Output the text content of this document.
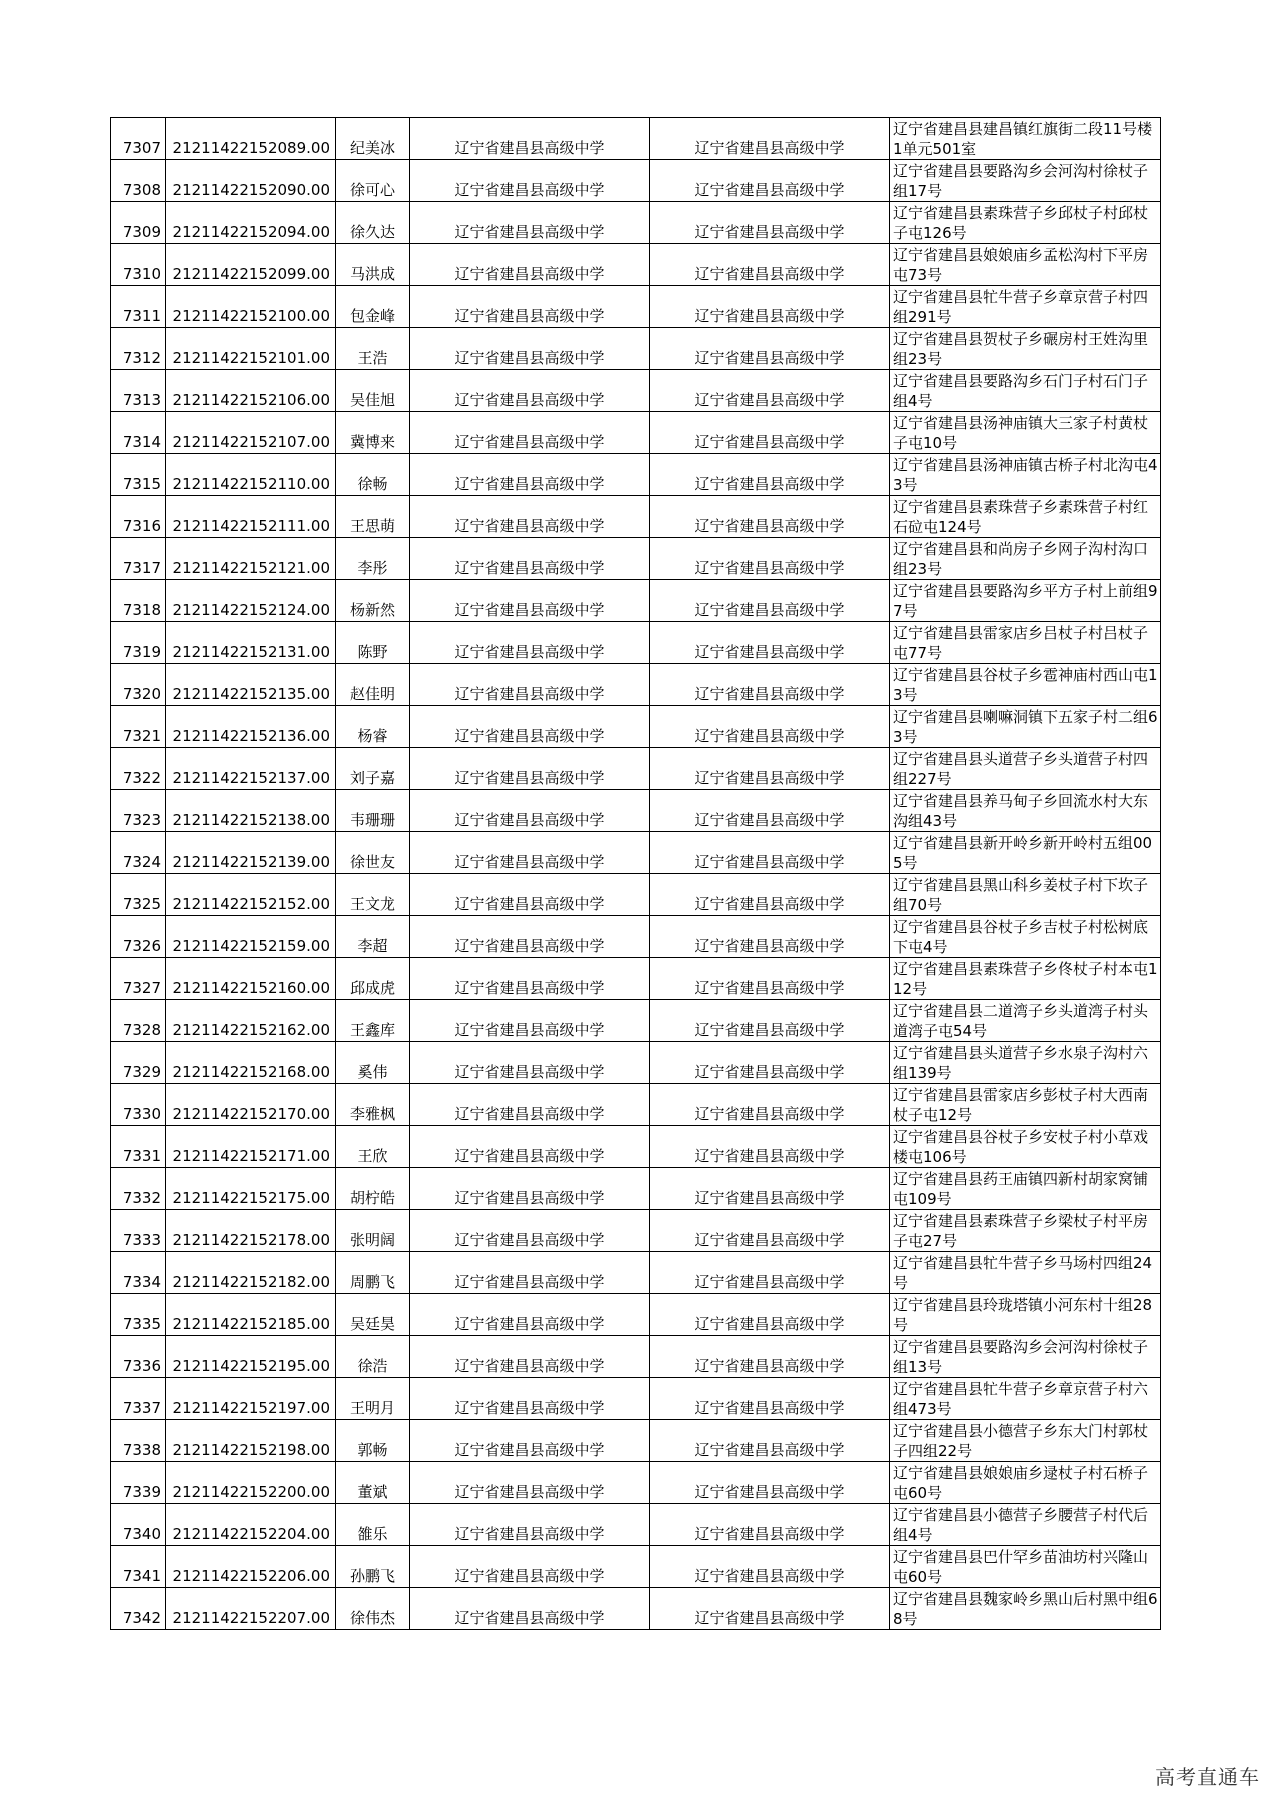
7307	21211422152089.00	纪美冰	辽宁省建昌县高级中学	辽宁省建昌县高级中学	辽宁省建昌县建昌镇红旗街二段11号楼1单元501室
7308	21211422152090.00	徐可心	辽宁省建昌县高级中学	辽宁省建昌县高级中学	辽宁省建昌县要路沟乡会河沟村徐杖子组17号
7309	21211422152094.00	徐久达	辽宁省建昌县高级中学	辽宁省建昌县高级中学	辽宁省建昌县素珠营子乡邱杖子村邱杖子屯126号
7310	21211422152099.00	马洪成	辽宁省建昌县高级中学	辽宁省建昌县高级中学	辽宁省建昌县娘娘庙乡孟松沟村下平房屯73号
7311	21211422152100.00	包金峰	辽宁省建昌县高级中学	辽宁省建昌县高级中学	辽宁省建昌县牤牛营子乡章京营子村四组291号
7312	21211422152101.00	王浩	辽宁省建昌县高级中学	辽宁省建昌县高级中学	辽宁省建昌县贺杖子乡碾房村王姓沟里组23号
7313	21211422152106.00	吴佳旭	辽宁省建昌县高级中学	辽宁省建昌县高级中学	辽宁省建昌县要路沟乡石门子村石门子组4号
7314	21211422152107.00	冀博来	辽宁省建昌县高级中学	辽宁省建昌县高级中学	辽宁省建昌县汤神庙镇大三家子村黄杖子屯10号
7315	21211422152110.00	徐畅	辽宁省建昌县高级中学	辽宁省建昌县高级中学	辽宁省建昌县汤神庙镇古桥子村北沟屯43号
7316	21211422152111.00	王思萌	辽宁省建昌县高级中学	辽宁省建昌县高级中学	辽宁省建昌县素珠营子乡素珠营子村红石砬屯124号
7317	21211422152121.00	李彤	辽宁省建昌县高级中学	辽宁省建昌县高级中学	辽宁省建昌县和尚房子乡网子沟村沟口组23号
7318	21211422152124.00	杨新然	辽宁省建昌县高级中学	辽宁省建昌县高级中学	辽宁省建昌县要路沟乡平方子村上前组97号
7319	21211422152131.00	陈野	辽宁省建昌县高级中学	辽宁省建昌县高级中学	辽宁省建昌县雷家店乡吕杖子村吕杖子屯77号
7320	21211422152135.00	赵佳明	辽宁省建昌县高级中学	辽宁省建昌县高级中学	辽宁省建昌县谷杖子乡雹神庙村西山屯13号
7321	21211422152136.00	杨睿	辽宁省建昌县高级中学	辽宁省建昌县高级中学	辽宁省建昌县喇嘛洞镇下五家子村二组63号
7322	21211422152137.00	刘子嘉	辽宁省建昌县高级中学	辽宁省建昌县高级中学	辽宁省建昌县头道营子乡头道营子村四组227号
7323	21211422152138.00	韦珊珊	辽宁省建昌县高级中学	辽宁省建昌县高级中学	辽宁省建昌县养马甸子乡回流水村大东沟组43号
7324	21211422152139.00	徐世友	辽宁省建昌县高级中学	辽宁省建昌县高级中学	辽宁省建昌县新开岭乡新开岭村五组005号
7325	21211422152152.00	王文龙	辽宁省建昌县高级中学	辽宁省建昌县高级中学	辽宁省建昌县黑山科乡姜杖子村下坎子组70号
7326	21211422152159.00	李超	辽宁省建昌县高级中学	辽宁省建昌县高级中学	辽宁省建昌县谷杖子乡吉杖子村松树底下屯4号
7327	21211422152160.00	邱成虎	辽宁省建昌县高级中学	辽宁省建昌县高级中学	辽宁省建昌县素珠营子乡佟杖子村本屯112号
7328	21211422152162.00	王鑫库	辽宁省建昌县高级中学	辽宁省建昌县高级中学	辽宁省建昌县二道湾子乡头道湾子村头道湾子屯54号
7329	21211422152168.00	奚伟	辽宁省建昌县高级中学	辽宁省建昌县高级中学	辽宁省建昌县头道营子乡水泉子沟村六组139号
7330	21211422152170.00	李雅枫	辽宁省建昌县高级中学	辽宁省建昌县高级中学	辽宁省建昌县雷家店乡彭杖子村大西南杖子屯12号
7331	21211422152171.00	王欣	辽宁省建昌县高级中学	辽宁省建昌县高级中学	辽宁省建昌县谷杖子乡安杖子村小草戏楼屯106号
7332	21211422152175.00	胡柠皓	辽宁省建昌县高级中学	辽宁省建昌县高级中学	辽宁省建昌县药王庙镇四新村胡家窝铺屯109号
7333	21211422152178.00	张明阔	辽宁省建昌县高级中学	辽宁省建昌县高级中学	辽宁省建昌县素珠营子乡梁杖子村平房子屯27号
7334	21211422152182.00	周鹏飞	辽宁省建昌县高级中学	辽宁省建昌县高级中学	辽宁省建昌县牤牛营子乡马场村四组24号
7335	21211422152185.00	吴廷昊	辽宁省建昌县高级中学	辽宁省建昌县高级中学	辽宁省建昌县玲珑塔镇小河东村十组28号
7336	21211422152195.00	徐浩	辽宁省建昌县高级中学	辽宁省建昌县高级中学	辽宁省建昌县要路沟乡会河沟村徐杖子组13号
7337	21211422152197.00	王明月	辽宁省建昌县高级中学	辽宁省建昌县高级中学	辽宁省建昌县牤牛营子乡章京营子村六组473号
7338	21211422152198.00	郭畅	辽宁省建昌县高级中学	辽宁省建昌县高级中学	辽宁省建昌县小德营子乡东大门村郭杖子四组22号
7339	21211422152200.00	董斌	辽宁省建昌县高级中学	辽宁省建昌县高级中学	辽宁省建昌县娘娘庙乡逯杖子村石桥子屯60号
7340	21211422152204.00	雒乐	辽宁省建昌县高级中学	辽宁省建昌县高级中学	辽宁省建昌县小德营子乡腰营子村代后组4号
7341	21211422152206.00	孙鹏飞	辽宁省建昌县高级中学	辽宁省建昌县高级中学	辽宁省建昌县巴什罕乡苗油坊村兴隆山屯60号
7342	21211422152207.00	徐伟杰	辽宁省建昌县高级中学	辽宁省建昌县高级中学	辽宁省建昌县魏家岭乡黑山后村黑中组68号
高考直通车
